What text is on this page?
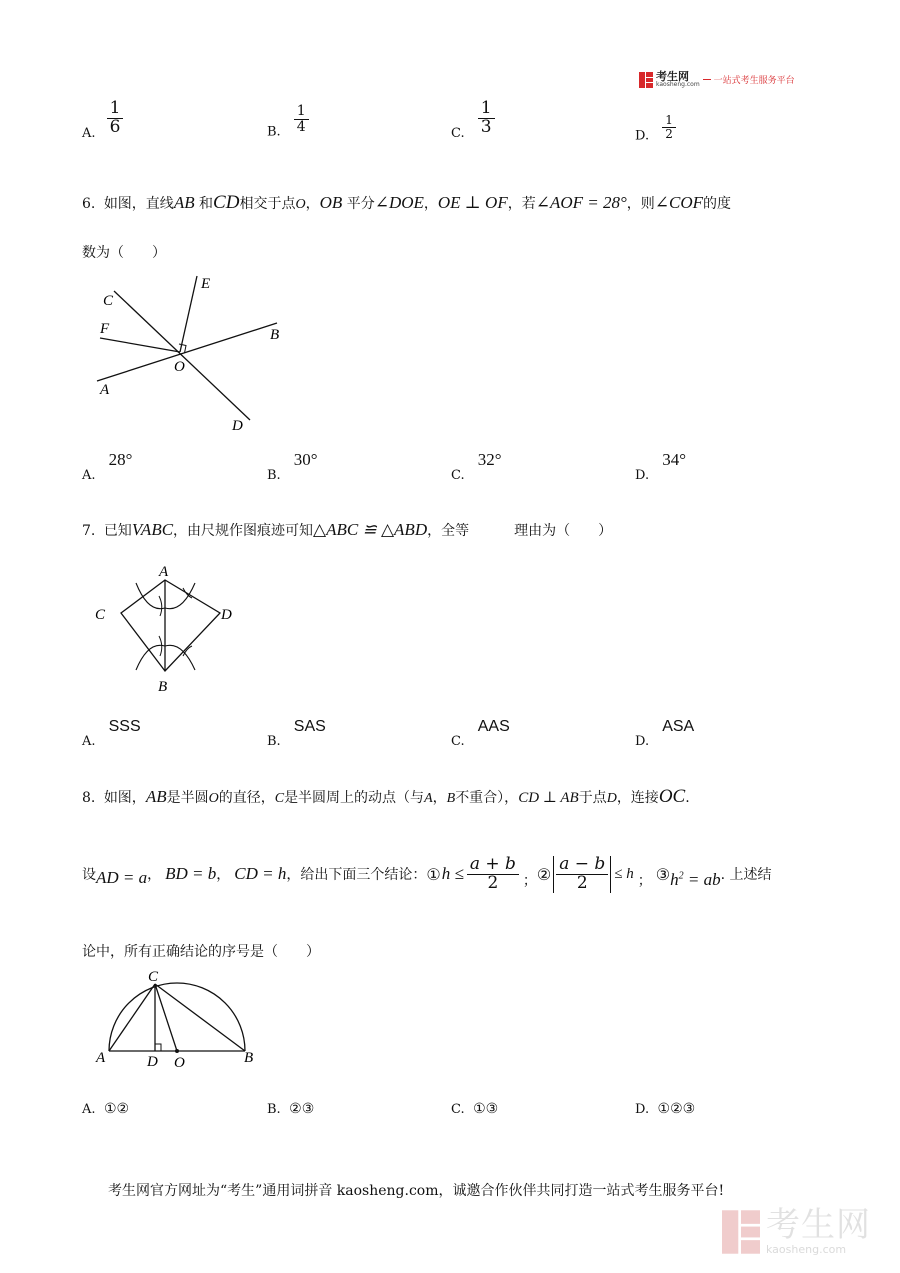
考生网
kaosheng.com 一站式考生服务平台
$_{A.} \frac{1}{6}$	$_{B.} \frac{1}{4}$	$_{C.} \frac{1}{3}$	$_{D.} \frac{1}{2}$
6. 如图，直线AB 和CD相交于点O，OB 平分∠DOE，OE ⊥ OF，若∠AOF = 28°，则∠COF的度
数为（　　）
C
F
E
B
O
A
D
$_{A.}$ 28°
$_{B.}$ 30°
$_{C.}$ 32°
$_{D.}$ 34°
7. 已知VABC，由尺规作图痕迹可知△ABC ≌ △ABD，全等	理由为（　　）
A
C	D
B
$_{A.}$ SSS
$_{B.}$ SAS
$_{C.}$ AAS
$_{D.}$ ASA
8. 如图，AB是半圆O的直径，C是半圆周上的动点（与A，B不重合），CD ⊥ AB于点D，连接OC.
设 AD = a ， BD = b ， CD = h ，给出下面三个结论： ① $h \le \frac{a + b}{2}$ ； ② $\frac{a - b}{2} \le h$ ； ③ $h^2$ = ab . 上述结
论中，所有正确结论的序号是（　　）
C
A	D O	B
A. ①②	B. ②③	C. ①③	D. ①②③
考生网官方网址为“考生”通用词拼音 kaosheng.com，诚邀合作伙伴共同打造一站式考生服务平台!
考生网
kaosheng.com
